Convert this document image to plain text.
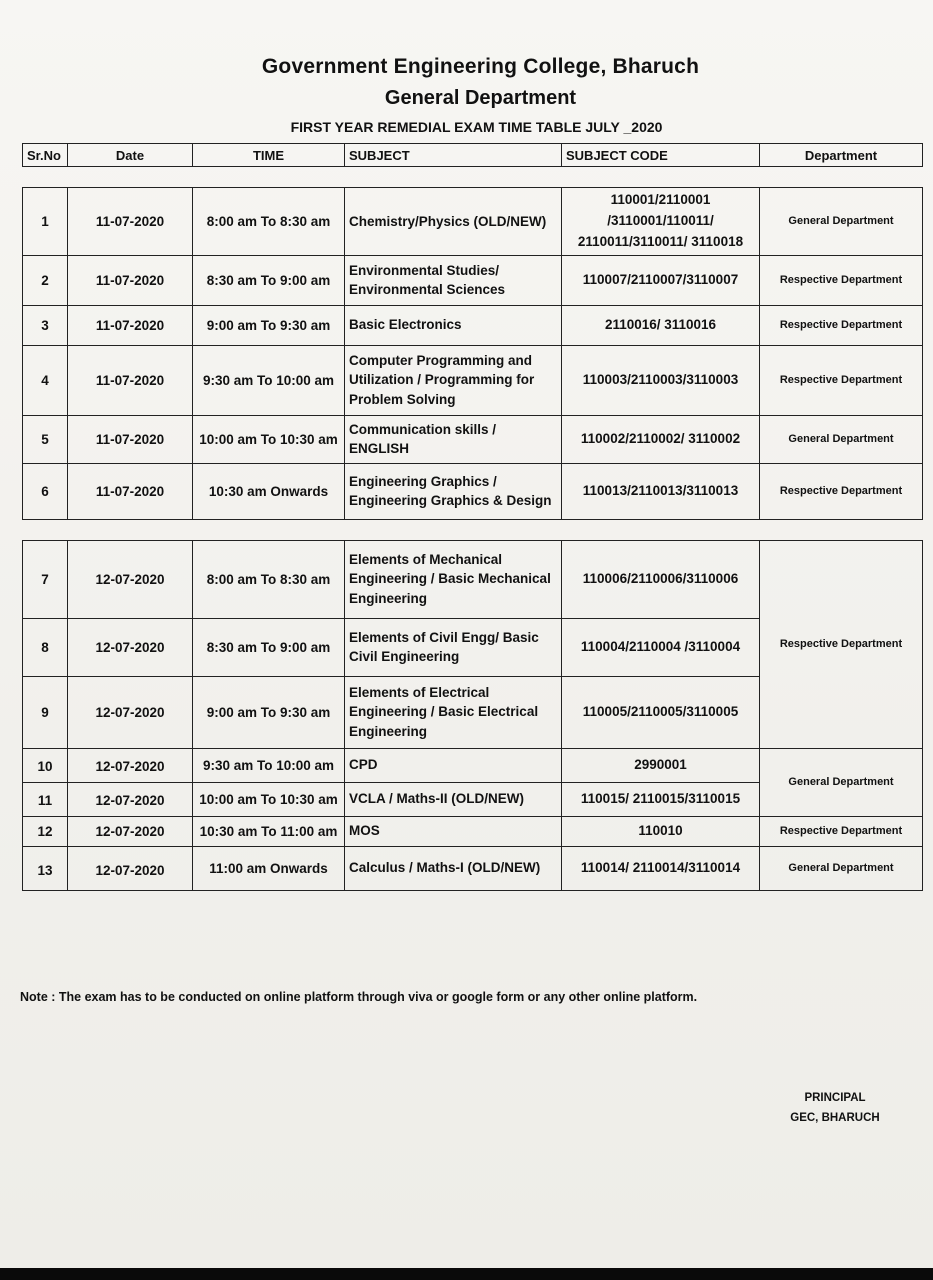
Government Engineering College, Bharuch
General Department
FIRST YEAR REMEDIAL EXAM TIME TABLE JULY _2020
Sr.No	Date	TIME	SUBJECT	SUBJECT CODE	Department

1	11-07-2020	8:00 am To 8:30 am	Chemistry/Physics (OLD/NEW)	110001/2110001 /3110001/110011/ 2110011/3110011/ 3110018	General Department
2	11-07-2020	8:30 am To 9:00 am	Environmental Studies/ Environmental Sciences	110007/2110007/3110007	Respective Department
3	11-07-2020	9:00 am To 9:30 am	Basic Electronics	2110016/ 3110016	Respective Department
4	11-07-2020	9:30 am To 10:00 am	Computer Programming and Utilization / Programming for Problem Solving	110003/2110003/3110003	Respective Department
5	11-07-2020	10:00 am To 10:30 am	Communication skills / ENGLISH	110002/2110002/ 3110002	General Department
6	11-07-2020	10:30 am Onwards	Engineering Graphics / Engineering Graphics & Design	110013/2110013/3110013	Respective Department

7	12-07-2020	8:00 am To 8:30 am	Elements of Mechanical Engineering / Basic Mechanical Engineering	110006/2110006/3110006	Respective Department
8	12-07-2020	8:30 am To 9:00 am	Elements of Civil Engg/ Basic Civil Engineering	110004/2110004 /3110004	
9	12-07-2020	9:00 am To 9:30 am	Elements of Electrical Engineering / Basic Electrical Engineering	110005/2110005/3110005	
10	12-07-2020	9:30 am To 10:00 am	CPD	2990001	General Department
11	12-07-2020	10:00 am To 10:30 am	VCLA / Maths-II (OLD/NEW)	110015/ 2110015/3110015	
12	12-07-2020	10:30 am To 11:00 am	MOS	110010	Respective Department
13	12-07-2020	11:00 am Onwards	Calculus / Maths-I (OLD/NEW)	110014/ 2110014/3110014	General Department
Note : The exam has to be conducted on online platform through viva or google form or any other online platform.
PRINCIPAL
GEC, BHARUCH
